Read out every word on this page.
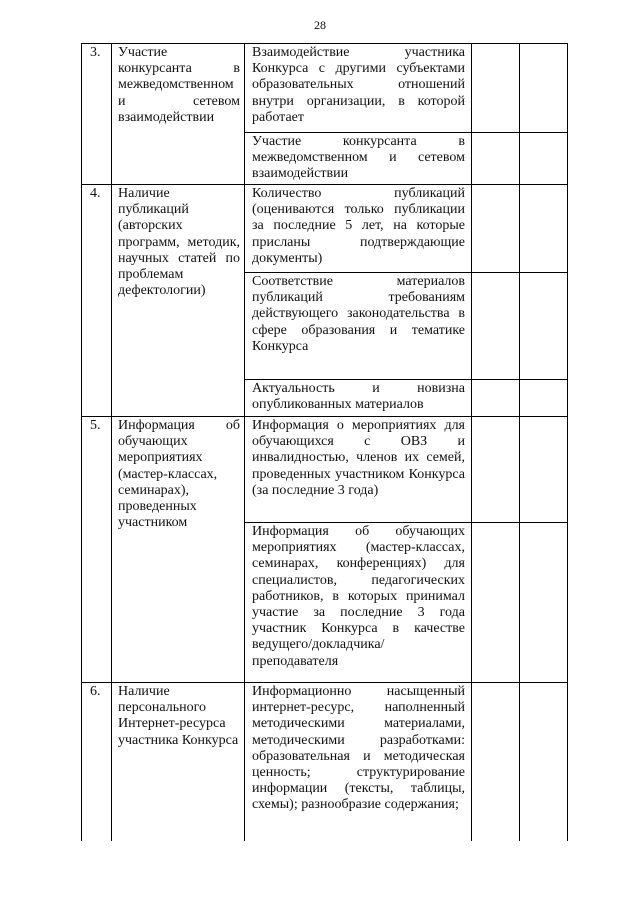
28
3.	Участие конкурсанта в межведомственном и сетевом взаимодействии	Взаимодействие участника Конкурса с другими субъектами образовательных отношений внутри организации, в которой работает		
		Участие конкурсанта в межведомственном и сетевом взаимодействии		
4.	Наличие публикаций (авторских программ, методик, научных статей по проблемам дефектологии)	Количество публикаций (оцениваются только публикации за последние 5 лет, на которые присланы подтверждающие документы)		
		Соответствие материалов публикаций требованиям действующего законодательства в сфере образования и тематике Конкурса		
		Актуальность и новизна опубликованных материалов		
5.	Информация об обучающих мероприятиях (мастер-классах, семинарах), проведенных участником	Информация о мероприятиях для обучающихся с ОВЗ и инвалидностью, членов их семей, проведенных участником Конкурса (за последние 3 года)		
		Информация об обучающих мероприятиях (мастер-классах, семинарах, конференциях) для специалистов, педагогических работников, в которых принимал участие за последние 3 года участник Конкурса в качестве ведущего/докладчика/ преподавателя		
6.	Наличие персонального Интернет-ресурса участника Конкурса	Информационно насыщенный интернет-ресурс, наполненный методическими материалами, методическими разработками: образовательная и методическая ценность; структурирование информации (тексты, таблицы, схемы); разнообразие содержания;		
